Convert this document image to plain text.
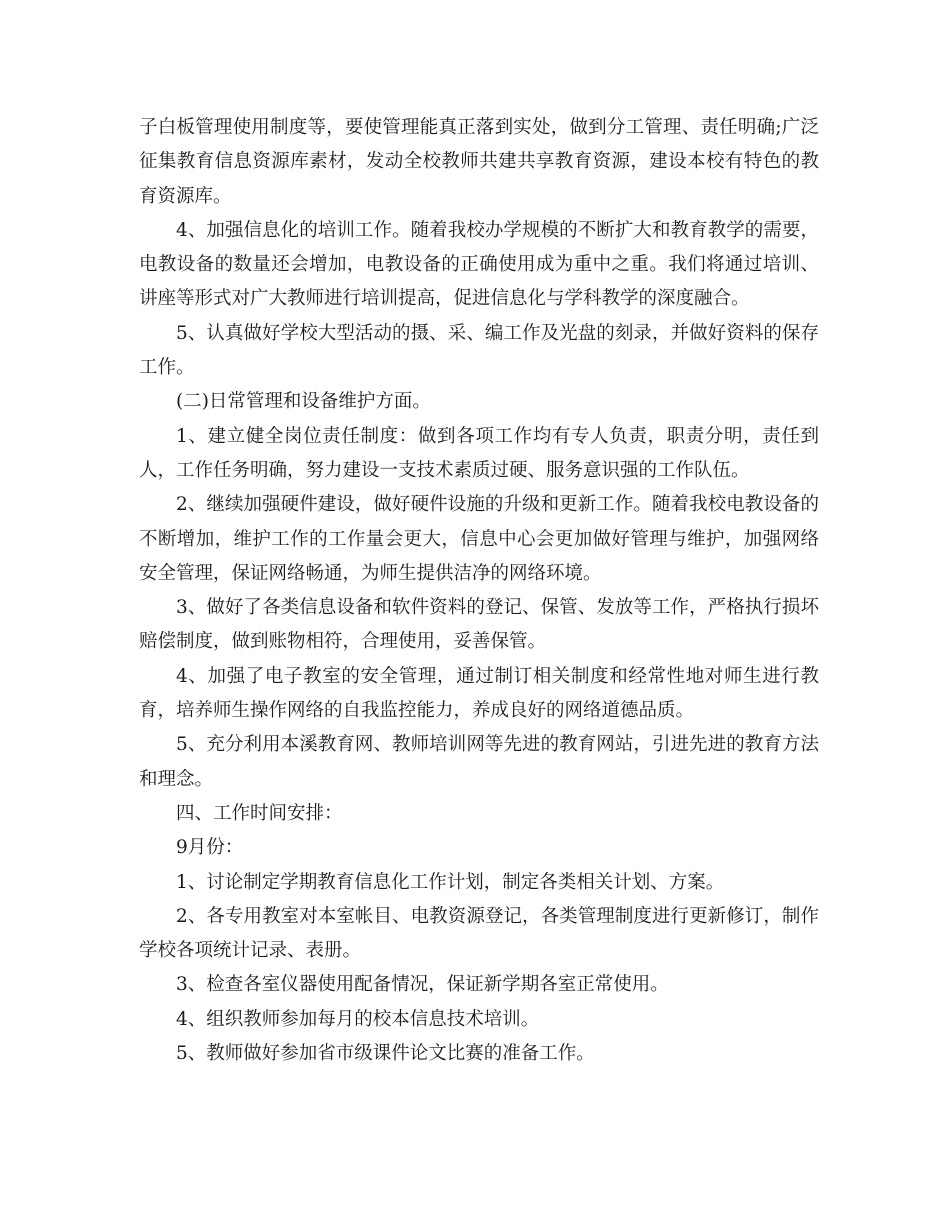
子白板管理使用制度等，要使管理能真正落到实处，做到分工管理、责任明确;广泛征集教育信息资源库素材，发动全校教师共建共享教育资源，建设本校有特色的教育资源库。

4、加强信息化的培训工作。随着我校办学规模的不断扩大和教育教学的需要，电教设备的数量还会增加，电教设备的正确使用成为重中之重。我们将通过培训、讲座等形式对广大教师进行培训提高，促进信息化与学科教学的深度融合。

5、认真做好学校大型活动的摄、采、编工作及光盘的刻录，并做好资料的保存工作。

(二)日常管理和设备维护方面。

1、建立健全岗位责任制度：做到各项工作均有专人负责，职责分明，责任到人，工作任务明确，努力建设一支技术素质过硬、服务意识强的工作队伍。

2、继续加强硬件建设，做好硬件设施的升级和更新工作。随着我校电教设备的不断增加，维护工作的工作量会更大，信息中心会更加做好管理与维护，加强网络安全管理，保证网络畅通，为师生提供洁净的网络环境。

3、做好了各类信息设备和软件资料的登记、保管、发放等工作，严格执行损坏赔偿制度，做到账物相符，合理使用，妥善保管。

4、加强了电子教室的安全管理，通过制订相关制度和经常性地对师生进行教育，培养师生操作网络的自我监控能力，养成良好的网络道德品质。

5、充分利用本溪教育网、教师培训网等先进的教育网站，引进先进的教育方法和理念。

四、工作时间安排：

9月份：

1、讨论制定学期教育信息化工作计划，制定各类相关计划、方案。

2、各专用教室对本室帐目、电教资源登记，各类管理制度进行更新修订，制作学校各项统计记录、表册。

3、检查各室仪器使用配备情况，保证新学期各室正常使用。

4、组织教师参加每月的校本信息技术培训。

5、教师做好参加省市级课件论文比赛的准备工作。
